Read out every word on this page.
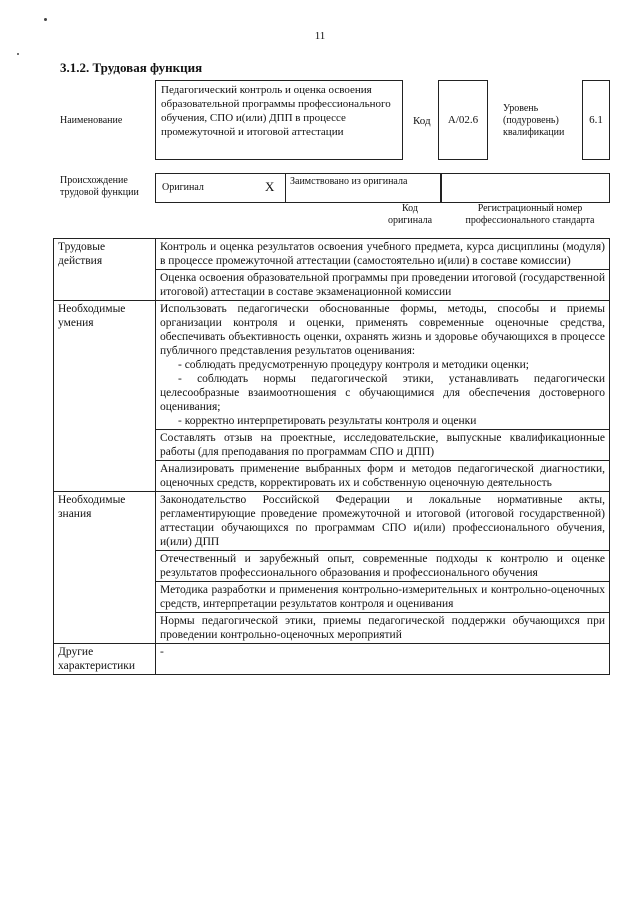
11
3.1.2. Трудовая функция
Наименование
Педагогический контроль и оценка освоения образовательной программы профессионального обучения, СПО и(или) ДПП в процессе промежуточной и итоговой аттестации
Код	А/02.6
Уровень (подуровень) квалификации
6.1
Происхождение трудовой функции	Оригинал	X	Заимствовано из оригинала
Код оригинала
Регистрационный номер профессионального стандарта
Трудовые действия	Контроль и оценка результатов освоения учебного предмета, курса дисциплины (модуля) в процессе промежуточной аттестации (самостоятельно и(или) в составе комиссии)
	Оценка освоения образовательной программы при проведении итоговой (государственной итоговой) аттестации в составе экзаменационной комиссии
Необходимые умения	Использовать педагогически обоснованные формы, методы, способы и приемы организации контроля и оценки, применять современные оценочные средства, обеспечивать объективность оценки, охранять жизнь и здоровье обучающихся в процессе публичного представления результатов оценивания:
- соблюдать предусмотренную процедуру контроля и методики оценки;
- соблюдать нормы педагогической этики, устанавливать педагогически целесообразные взаимоотношения с обучающимися для обеспечения достоверного оценивания;
- корректно интерпретировать результаты контроля и оценки
	Составлять отзыв на проектные, исследовательские, выпускные квалификационные работы (для преподавания по программам СПО и ДПП)
	Анализировать применение выбранных форм и методов педагогической диагностики, оценочных средств, корректировать их и собственную оценочную деятельность
Необходимые знания	Законодательство Российской Федерации и локальные нормативные акты, регламентирующие проведение промежуточной и итоговой (итоговой государственной) аттестации обучающихся по программам СПО и(или) профессионального обучения, и(или) ДПП
	Отечественный и зарубежный опыт, современные подходы к контролю и оценке результатов профессионального образования и профессионального обучения
	Методика разработки и применения контрольно-измерительных и контрольно-оценочных средств, интерпретации результатов контроля и оценивания
	Нормы педагогической этики, приемы педагогической поддержки обучающихся при проведении контрольно-оценочных мероприятий
Другие характеристики	-
